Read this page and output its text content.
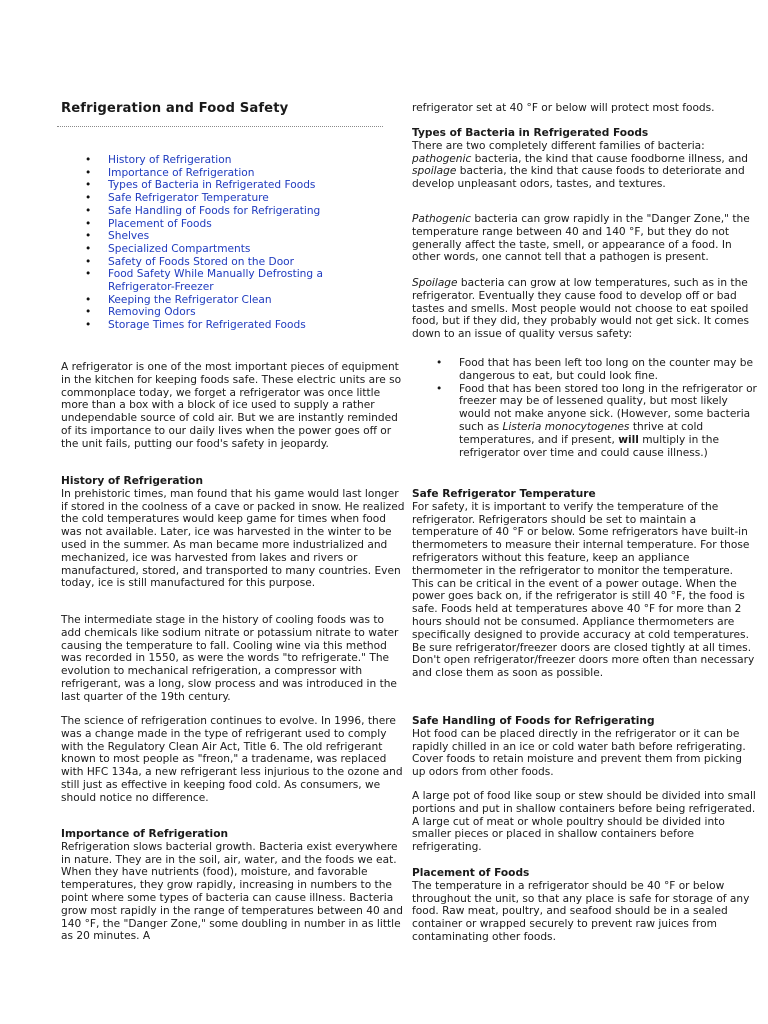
Refrigeration and Food Safety
• History of Refrigeration
• Importance of Refrigeration
• Types of Bacteria in Refrigerated Foods
• Safe Refrigerator Temperature
• Safe Handling of Foods for Refrigerating
• Placement of Foods
• Shelves
• Specialized Compartments
• Safety of Foods Stored on the Door
• Food Safety While Manually Defrosting a Refrigerator-Freezer
• Keeping the Refrigerator Clean
• Removing Odors
• Storage Times for Refrigerated Foods

A refrigerator is one of the most important pieces of equipment in the kitchen for keeping foods safe. These electric units are so commonplace today, we forget a refrigerator was once little more than a box with a block of ice used to supply a rather undependable source of cold air. But we are instantly reminded of its importance to our daily lives when the power goes off or the unit fails, putting our food's safety in jeopardy.

History of Refrigeration

In prehistoric times, man found that his game would last longer if stored in the coolness of a cave or packed in snow. He realized the cold temperatures would keep game for times when food was not available. Later, ice was harvested in the winter to be used in the summer. As man became more industrialized and mechanized, ice was harvested from lakes and rivers or manufactured, stored, and transported to many countries. Even today, ice is still manufactured for this purpose.

The intermediate stage in the history of cooling foods was to add chemicals like sodium nitrate or potassium nitrate to water causing the temperature to fall. Cooling wine via this method was recorded in 1550, as were the words "to refrigerate." The evolution to mechanical refrigeration, a compressor with refrigerant, was a long, slow process and was introduced in the last quarter of the 19th century.

The science of refrigeration continues to evolve. In 1996, there was a change made in the type of refrigerant used to comply with the Regulatory Clean Air Act, Title 6. The old refrigerant known to most people as "freon," a tradename, was replaced with HFC 134a, a new refrigerant less injurious to the ozone and still just as effective in keeping food cold. As consumers, we should notice no difference.

Importance of Refrigeration

Refrigeration slows bacterial growth. Bacteria exist everywhere in nature. They are in the soil, air, water, and the foods we eat. When they have nutrients (food), moisture, and favorable temperatures, they grow rapidly, increasing in numbers to the point where some types of bacteria can cause illness. Bacteria grow most rapidly in the range of temperatures between 40 and 140 °F, the "Danger Zone," some doubling in number in as little as 20 minutes. A

refrigerator set at 40 °F or below will protect most foods.

Types of Bacteria in Refrigerated Foods

There are two completely different families of bacteria: pathogenic bacteria, the kind that cause foodborne illness, and spoilage bacteria, the kind that cause foods to deteriorate and develop unpleasant odors, tastes, and textures.

Pathogenic bacteria can grow rapidly in the "Danger Zone," the temperature range between 40 and 140 °F, but they do not generally affect the taste, smell, or appearance of a food. In other words, one cannot tell that a pathogen is present.

Spoilage bacteria can grow at low temperatures, such as in the refrigerator. Eventually they cause food to develop off or bad tastes and smells. Most people would not choose to eat spoiled food, but if they did, they probably would not get sick. It comes down to an issue of quality versus safety:

• Food that has been left too long on the counter may be dangerous to eat, but could look fine.
• Food that has been stored too long in the refrigerator or freezer may be of lessened quality, but most likely would not make anyone sick. (However, some bacteria such as Listeria monocytogenes thrive at cold temperatures, and if present, will multiply in the refrigerator over time and could cause illness.)
Safe Refrigerator Temperature

For safety, it is important to verify the temperature of the refrigerator. Refrigerators should be set to maintain a temperature of 40 °F or below. Some refrigerators have built-in thermometers to measure their internal temperature. For those refrigerators without this feature, keep an appliance thermometer in the refrigerator to monitor the temperature. This can be critical in the event of a power outage. When the power goes back on, if the refrigerator is still 40 °F, the food is safe. Foods held at temperatures above 40 °F for more than 2 hours should not be consumed. Appliance thermometers are specifically designed to provide accuracy at cold temperatures. Be sure refrigerator/freezer doors are closed tightly at all times. Don't open refrigerator/freezer doors more often than necessary and close them as soon as possible.

Safe Handling of Foods for Refrigerating

Hot food can be placed directly in the refrigerator or it can be rapidly chilled in an ice or cold water bath before refrigerating. Cover foods to retain moisture and prevent them from picking up odors from other foods.

A large pot of food like soup or stew should be divided into small portions and put in shallow containers before being refrigerated. A large cut of meat or whole poultry should be divided into smaller pieces or placed in shallow containers before refrigerating.

Placement of Foods

The temperature in a refrigerator should be 40 °F or below throughout the unit, so that any place is safe for storage of any food. Raw meat, poultry, and seafood should be in a sealed container or wrapped securely to prevent raw juices from contaminating other foods.
